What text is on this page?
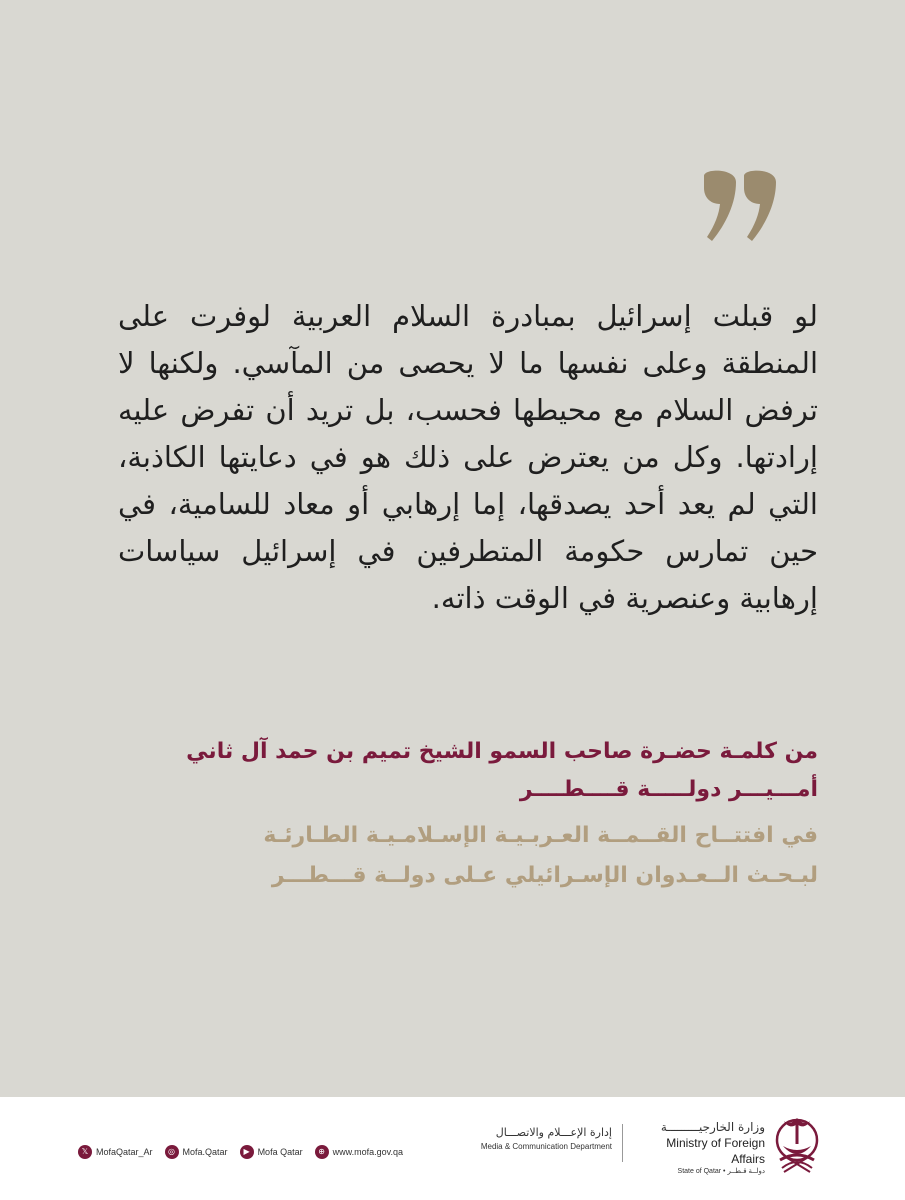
لو قبلت إسرائيل بمبادرة السلام العربية لوفرت على المنطقة وعلى نفسها ما لا يحصى من المآسي. ولكنها لا ترفض السلام مع محيطها فحسب، بل تريد أن تفرض عليه إرادتها. وكل من يعترض على ذلك هو في دعايتها الكاذبة، التي لم يعد أحد يصدقها، إما إرهابي أو معاد للسامية، في حين تمارس حكومة المتطرفين في إسرائيل سياسات إرهابية وعنصرية في الوقت ذاته.

من كلمـة حضـرة صاحب السمو الشيخ تميم بن حمد آل ثاني

أمـــيـــر دولـــــة قــــطــــر

في افتتــاح القــمــة العـربـيـة الإسـلامـيـة الطـارئـة

لبـحـث الــعـدوان الإسـرائيلي عـلى دولــة قـــطـــر

𝕏 MofaQatar_Ar	◎ Mofa.Qatar	▶ Mofa Qatar	⊕ www.mofa.gov.qa
إدارة الإعـــلام والاتصـــال
Media & Communication Department
وزارة الخارجيـــــــــة
Ministry of Foreign Affairs
State of Qatar • دولــة قـطــر
